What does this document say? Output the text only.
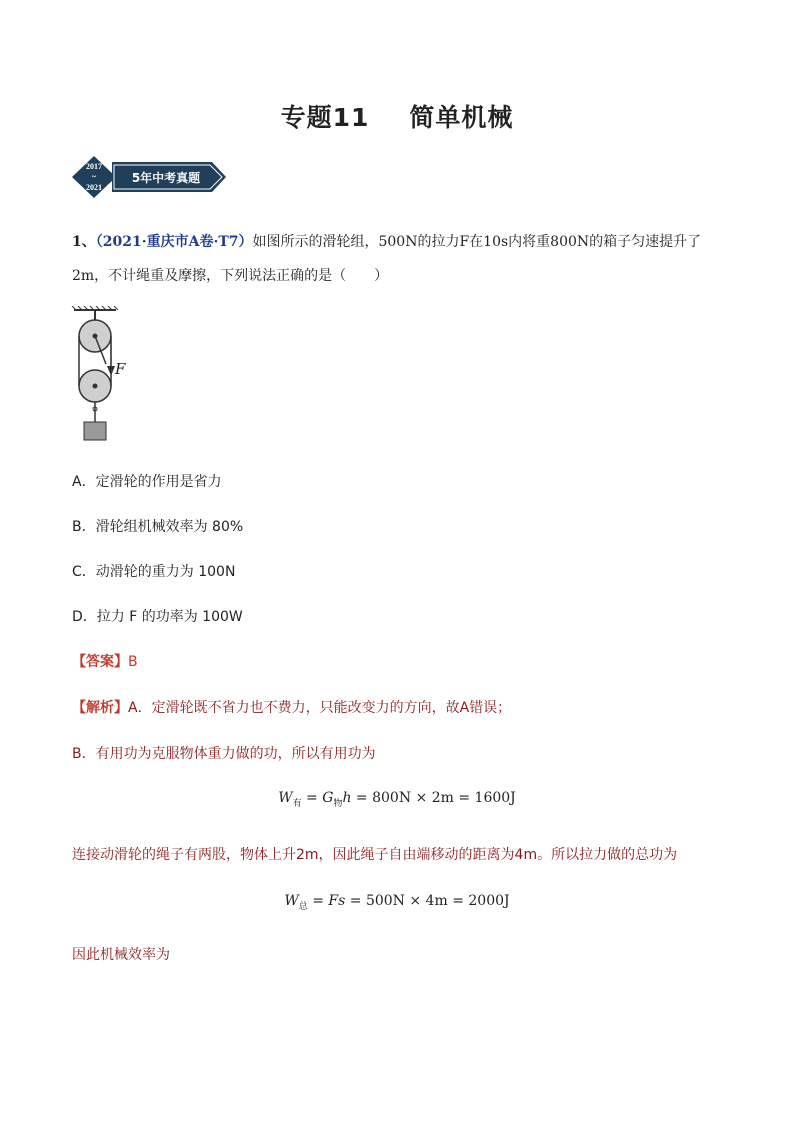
专题11 简单机械
2017
~
2021
5年中考真题
1、（2021·重庆市A卷·T7）如图所示的滑轮组，500N的拉力F在10s内将重800N的箱子匀速提升了
2m，不计绳重及摩擦，下列说法正确的是（　　）
F
A．定滑轮的作用是省力
B．滑轮组机械效率为 80%
C．动滑轮的重力为 100N
D．拉力 F 的功率为 100W
【答案】B
【解析】A．定滑轮既不省力也不费力，只能改变力的方向，故A错误；
B．有用功为克服物体重力做的功，所以有用功为
$W_有 = G_物h = 800N \times 2m = 1600J$
连接动滑轮的绳子有两股，物体上升2m，因此绳子自由端移动的距离为4m。所以拉力做的总功为
$W_总 = Fs = 500N \times 4m = 2000J$
因此机械效率为
